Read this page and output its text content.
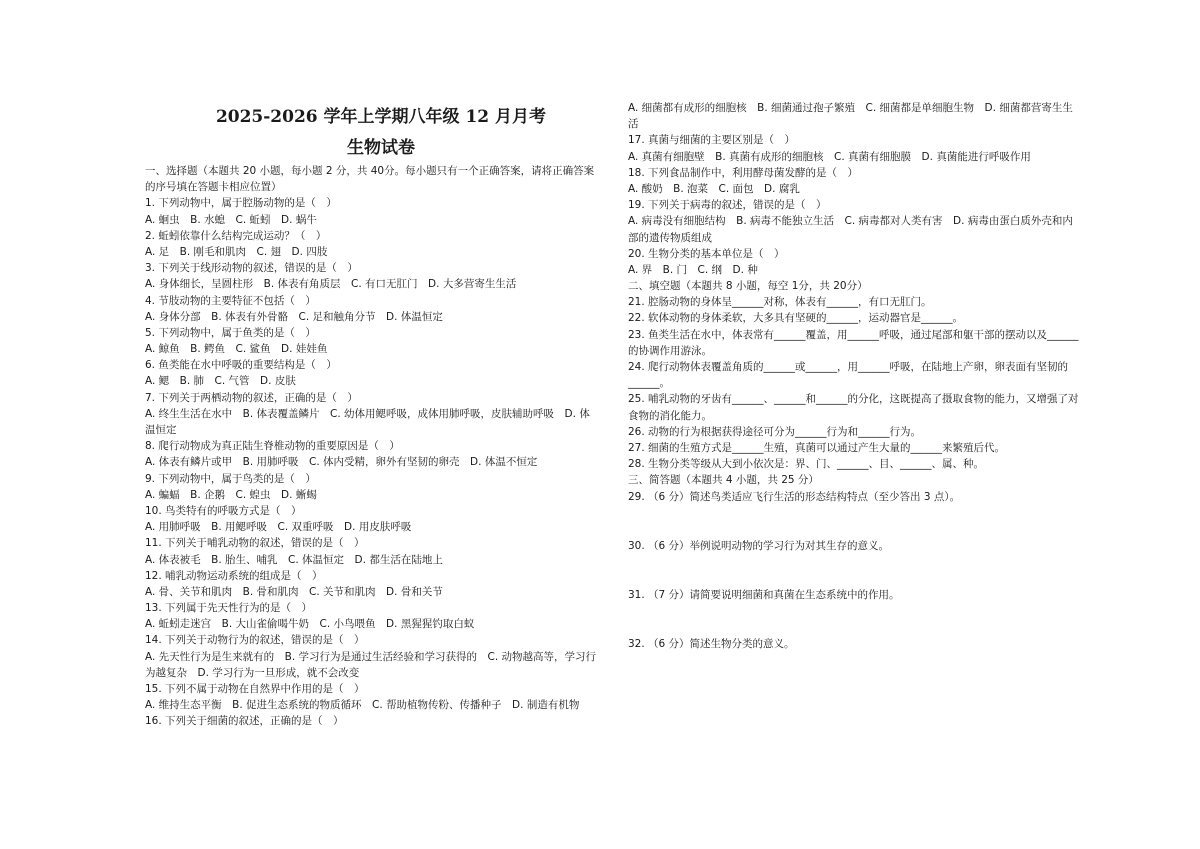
2025-2026 学年上学期八年级 12 月月考
生物试卷
一、选择题（本题共 20 小题，每小题 2 分，共 40分。每小题只有一个正确答案，请将正确答案
的序号填在答题卡相应位置）
1. 下列动物中，属于腔肠动物的是（　）
A. 蛔虫　B. 水螅　C. 蚯蚓　D. 蜗牛
2. 蚯蚓依靠什么结构完成运动？（　）
A. 足　B. 刚毛和肌肉　C. 翅　D. 四肢
3. 下列关于线形动物的叙述，错误的是（　）
A. 身体细长，呈圆柱形　B. 体表有角质层　C. 有口无肛门　D. 大多营寄生生活
4. 节肢动物的主要特征不包括（　）
A. 身体分部　B. 体表有外骨骼　C. 足和触角分节　D. 体温恒定
5. 下列动物中，属于鱼类的是（　）
A. 鲸鱼　B. 鳄鱼　C. 鲨鱼　D. 娃娃鱼
6. 鱼类能在水中呼吸的重要结构是（　）
A. 鳃　B. 肺　C. 气管　D. 皮肤
7. 下列关于两栖动物的叙述，正确的是（　）
A. 终生生活在水中　B. 体表覆盖鳞片　C. 幼体用鳃呼吸，成体用肺呼吸，皮肤辅助呼吸　D. 体
温恒定
8. 爬行动物成为真正陆生脊椎动物的重要原因是（　）
A. 体表有鳞片或甲　B. 用肺呼吸　C. 体内受精，卵外有坚韧的卵壳　D. 体温不恒定
9. 下列动物中，属于鸟类的是（　）
A. 蝙蝠　B. 企鹅　C. 蝗虫　D. 蜥蜴
10. 鸟类特有的呼吸方式是（　）
A. 用肺呼吸　B. 用鳃呼吸　C. 双重呼吸　D. 用皮肤呼吸
11. 下列关于哺乳动物的叙述，错误的是（　）
A. 体表被毛　B. 胎生、哺乳　C. 体温恒定　D. 都生活在陆地上
12. 哺乳动物运动系统的组成是（　）
A. 骨、关节和肌肉　B. 骨和肌肉　C. 关节和肌肉　D. 骨和关节
13. 下列属于先天性行为的是（　）
A. 蚯蚓走迷宫　B. 大山雀偷喝牛奶　C. 小鸟喂鱼　D. 黑猩猩钓取白蚁
14. 下列关于动物行为的叙述，错误的是（　）
A. 先天性行为是生来就有的　B. 学习行为是通过生活经验和学习获得的　C. 动物越高等，学习行
为越复杂　D. 学习行为一旦形成，就不会改变
15. 下列不属于动物在自然界中作用的是（　）
A. 维持生态平衡　B. 促进生态系统的物质循环　C. 帮助植物传粉、传播种子　D. 制造有机物
16. 下列关于细菌的叙述，正确的是（　）
A. 细菌都有成形的细胞核　B. 细菌通过孢子繁殖　C. 细菌都是单细胞生物　D. 细菌都营寄生生
活
17. 真菌与细菌的主要区别是（　）
A. 真菌有细胞壁　B. 真菌有成形的细胞核　C. 真菌有细胞膜　D. 真菌能进行呼吸作用
18. 下列食品制作中，利用酵母菌发酵的是（　）
A. 酸奶　B. 泡菜　C. 面包　D. 腐乳
19. 下列关于病毒的叙述，错误的是（　）
A. 病毒没有细胞结构　B. 病毒不能独立生活　C. 病毒都对人类有害　D. 病毒由蛋白质外壳和内
部的遗传物质组成
20. 生物分类的基本单位是（　）
A. 界　B. 门　C. 纲　D. 种
二、填空题（本题共 8 小题，每空 1分，共 20分）
21. 腔肠动物的身体呈______对称，体表有______，有口无肛门。
22. 软体动物的身体柔软，大多具有坚硬的______，运动器官是______。
23. 鱼类生活在水中，体表常有______覆盖，用______呼吸，通过尾部和躯干部的摆动以及______
的协调作用游泳。
24. 爬行动物体表覆盖角质的______或______，用______呼吸，在陆地上产卵，卵表面有坚韧的
______。
25. 哺乳动物的牙齿有______、______和______的分化，这既提高了摄取食物的能力，又增强了对
食物的消化能力。
26. 动物的行为根据获得途径可分为______行为和______行为。
27. 细菌的生殖方式是______生殖，真菌可以通过产生大量的______来繁殖后代。
28. 生物分类等级从大到小依次是：界、门、______、目、______、属、种。
三、简答题（本题共 4 小题，共 25 分）
29. （6 分）简述鸟类适应飞行生活的形态结构特点（至少答出 3 点）。
30. （6 分）举例说明动物的学习行为对其生存的意义。
31. （7 分）请简要说明细菌和真菌在生态系统中的作用。
32. （6 分）简述生物分类的意义。
